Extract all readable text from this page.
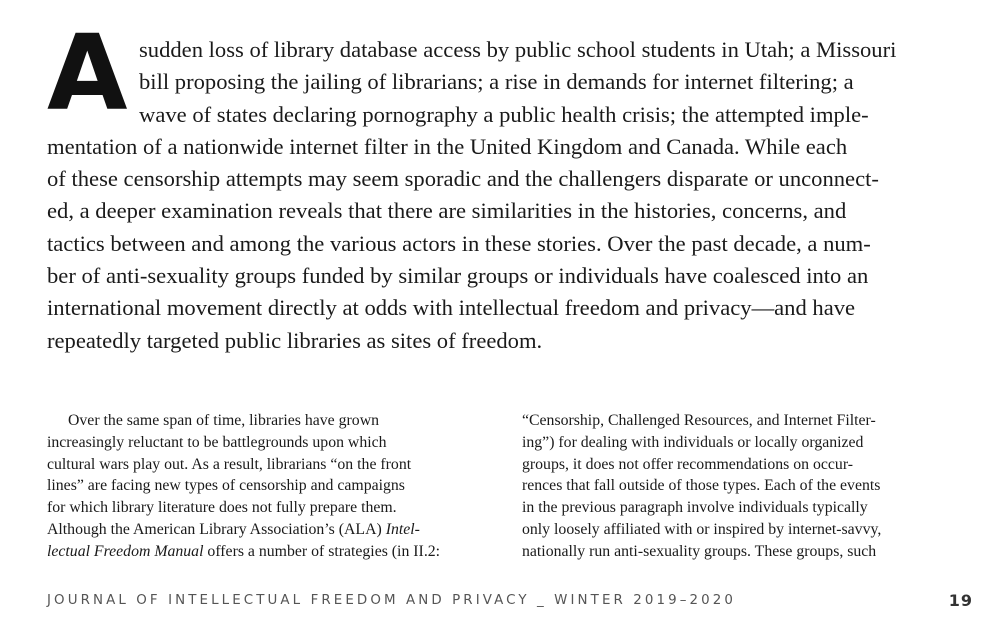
A sudden loss of library database access by public school students in Utah; a Missouri
bill proposing the jailing of librarians; a rise in demands for internet filtering; a
wave of states declaring pornography a public health crisis; the attempted imple-
mentation of a nationwide internet filter in the United Kingdom and Canada. While each
of these censorship attempts may seem sporadic and the challengers disparate or unconnect-
ed, a deeper examination reveals that there are similarities in the histories, concerns, and
tactics between and among the various actors in these stories. Over the past decade, a num-
ber of anti-sexuality groups funded by similar groups or individuals have coalesced into an
international movement directly at odds with intellectual freedom and privacy—and have
repeatedly targeted public libraries as sites of freedom.
Over the same span of time, libraries have grown
increasingly reluctant to be battlegrounds upon which
cultural wars play out. As a result, librarians “on the front
lines” are facing new types of censorship and campaigns
for which library literature does not fully prepare them.
Although the American Library Association’s (ALA) Intel-
lectual Freedom Manual offers a number of strategies (in II.2:
“Censorship, Challenged Resources, and Internet Filter-
ing”) for dealing with individuals or locally organized
groups, it does not offer recommendations on occur-
rences that fall outside of those types. Each of the events
in the previous paragraph involve individuals typically
only loosely affiliated with or inspired by internet-savvy,
nationally run anti-sexuality groups. These groups, such
JOURNAL OF INTELLECTUAL FREEDOM AND PRIVACY _ WINTER 2019–2020	19
